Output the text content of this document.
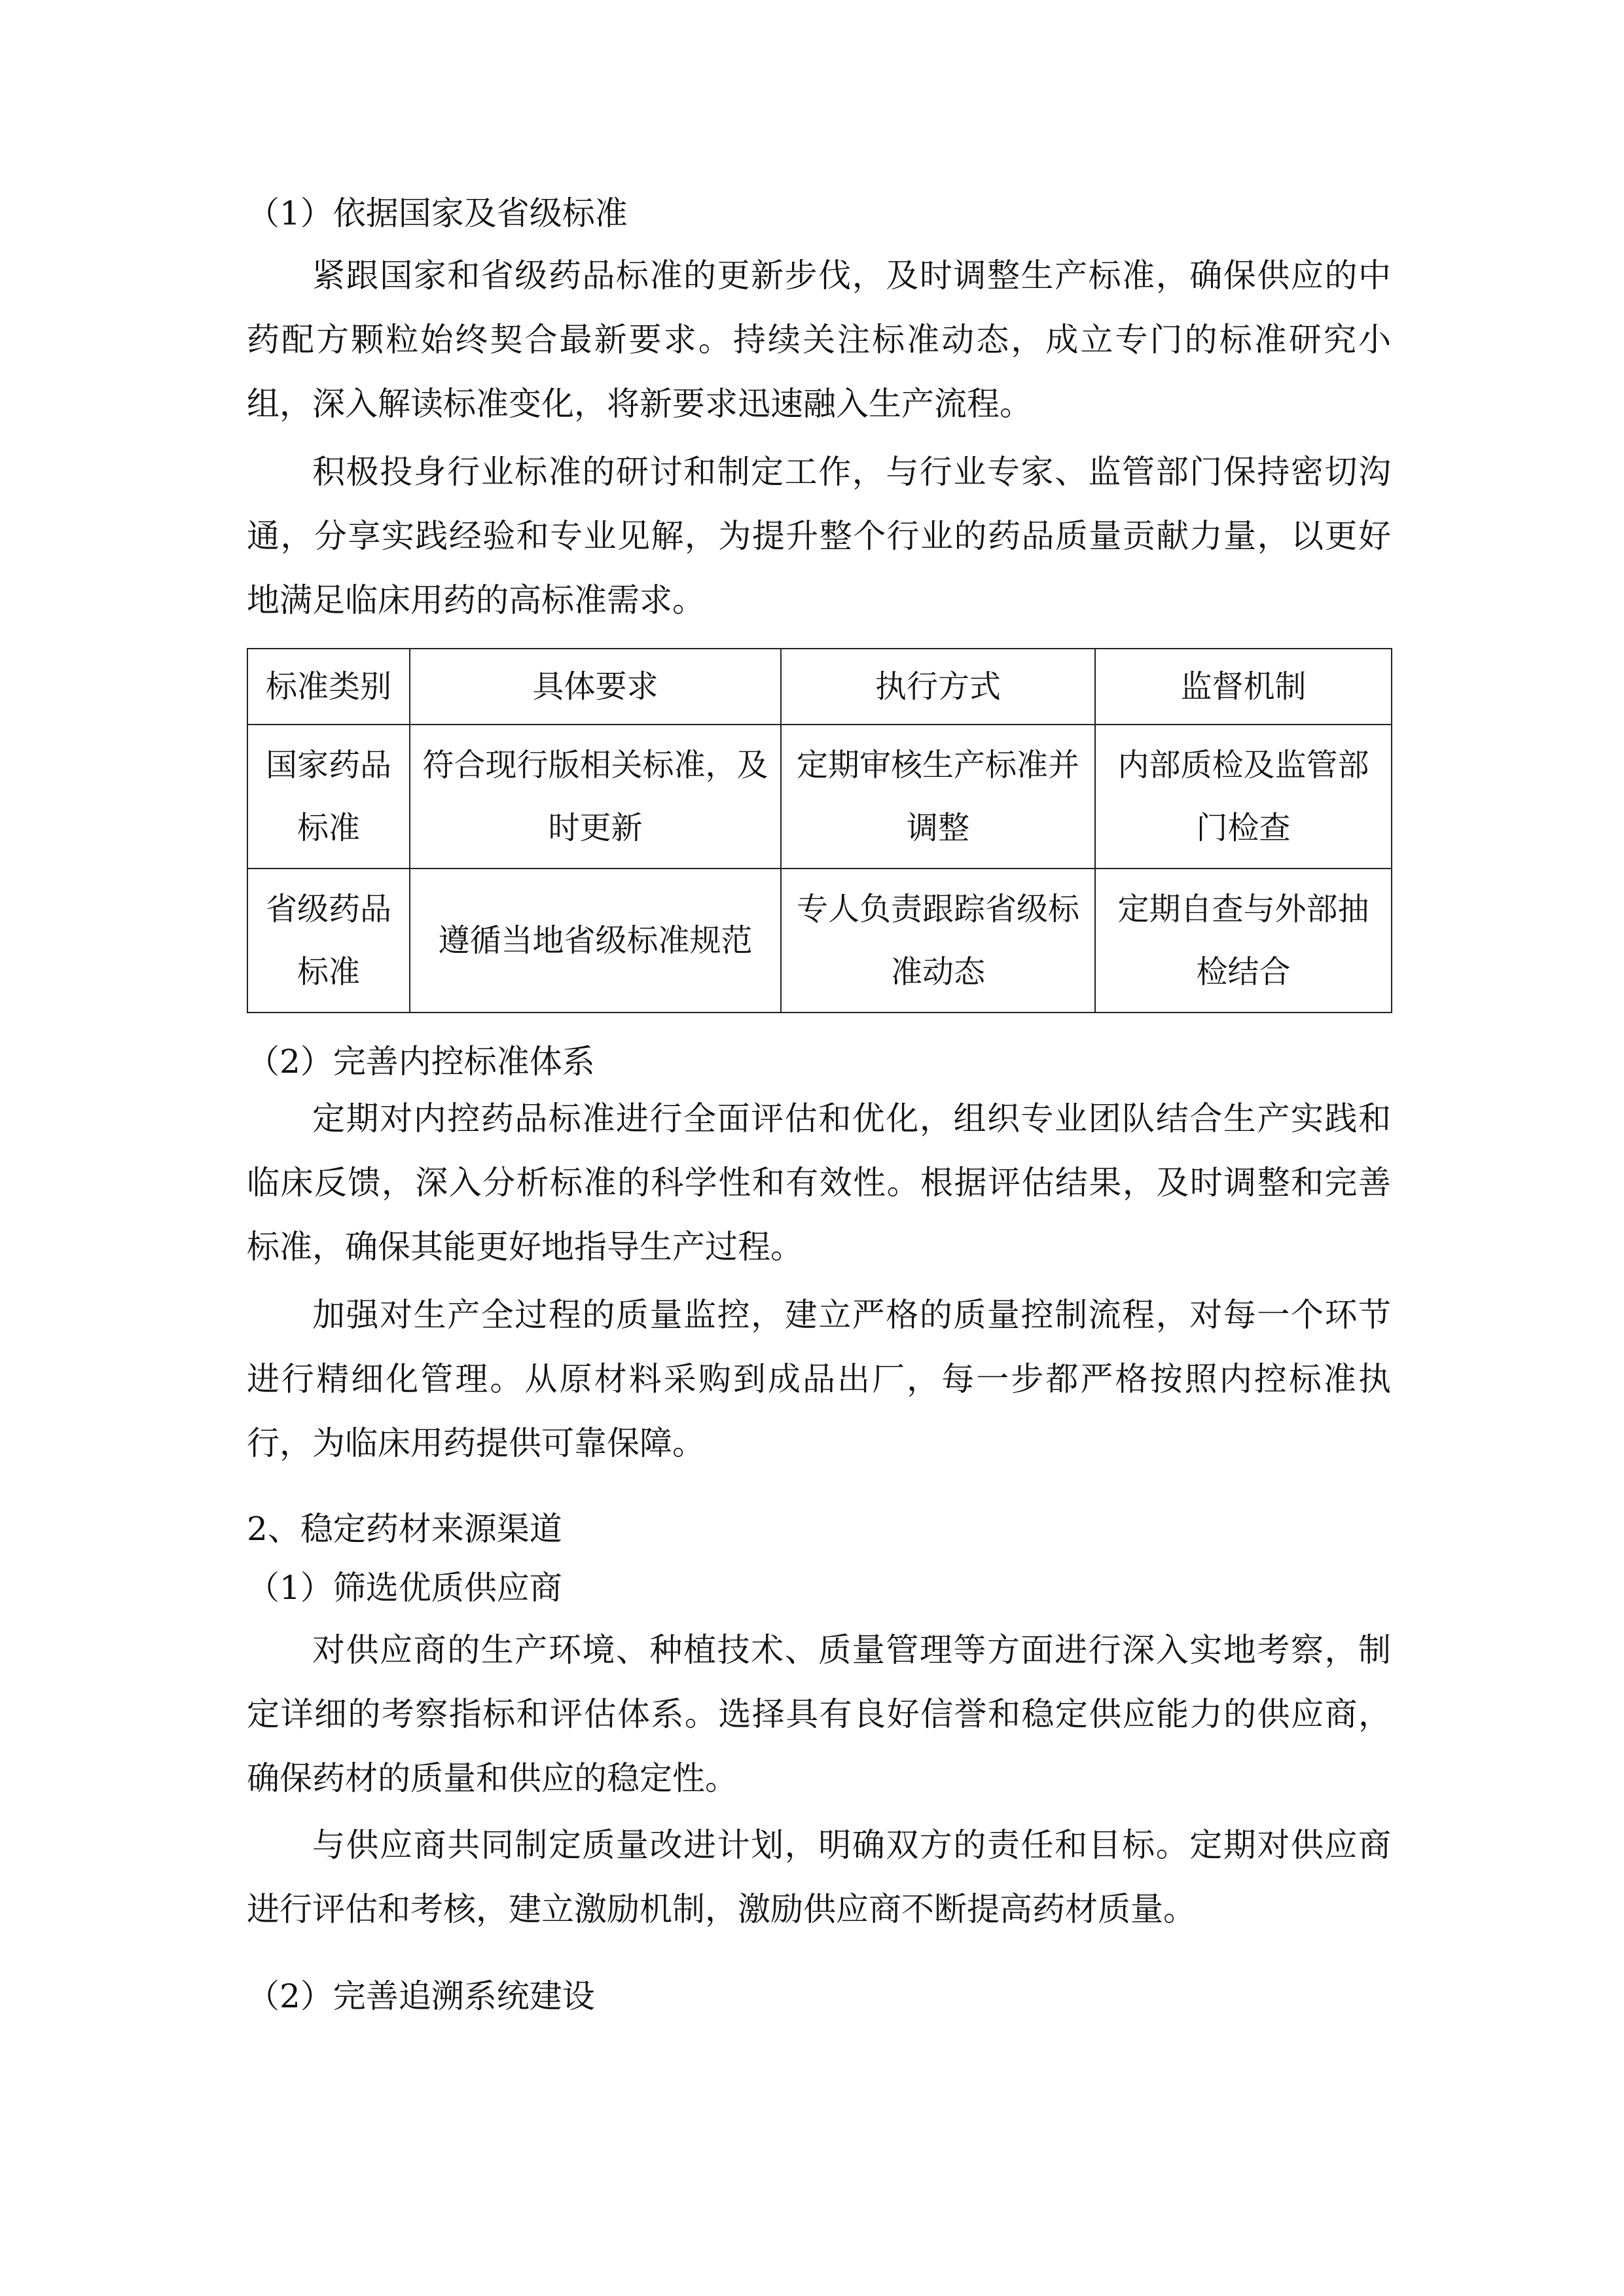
（1）依据国家及省级标准
紧跟国家和省级药品标准的更新步伐，及时调整生产标准，确保供应的中药配方颗粒始终契合最新要求。持续关注标准动态，成立专门的标准研究小组，深入解读标准变化，将新要求迅速融入生产流程。
积极投身行业标准的研讨和制定工作，与行业专家、监管部门保持密切沟通，分享实践经验和专业见解，为提升整个行业的药品质量贡献力量，以更好地满足临床用药的高标准需求。
标准类别	具体要求	执行方式	监督机制
国家药品标准	符合现行版相关标准，及时更新	定期审核生产标准并调整	内部质检及监管部门检查
省级药品标准	遵循当地省级标准规范	专人负责跟踪省级标准动态	定期自查与外部抽检结合
（2）完善内控标准体系
定期对内控药品标准进行全面评估和优化，组织专业团队结合生产实践和临床反馈，深入分析标准的科学性和有效性。根据评估结果，及时调整和完善标准，确保其能更好地指导生产过程。
加强对生产全过程的质量监控，建立严格的质量控制流程，对每一个环节进行精细化管理。从原材料采购到成品出厂，每一步都严格按照内控标准执行，为临床用药提供可靠保障。
2、稳定药材来源渠道
（1）筛选优质供应商
对供应商的生产环境、种植技术、质量管理等方面进行深入实地考察，制定详细的考察指标和评估体系。选择具有良好信誉和稳定供应能力的供应商，确保药材的质量和供应的稳定性。
与供应商共同制定质量改进计划，明确双方的责任和目标。定期对供应商进行评估和考核，建立激励机制，激励供应商不断提高药材质量。
（2）完善追溯系统建设
